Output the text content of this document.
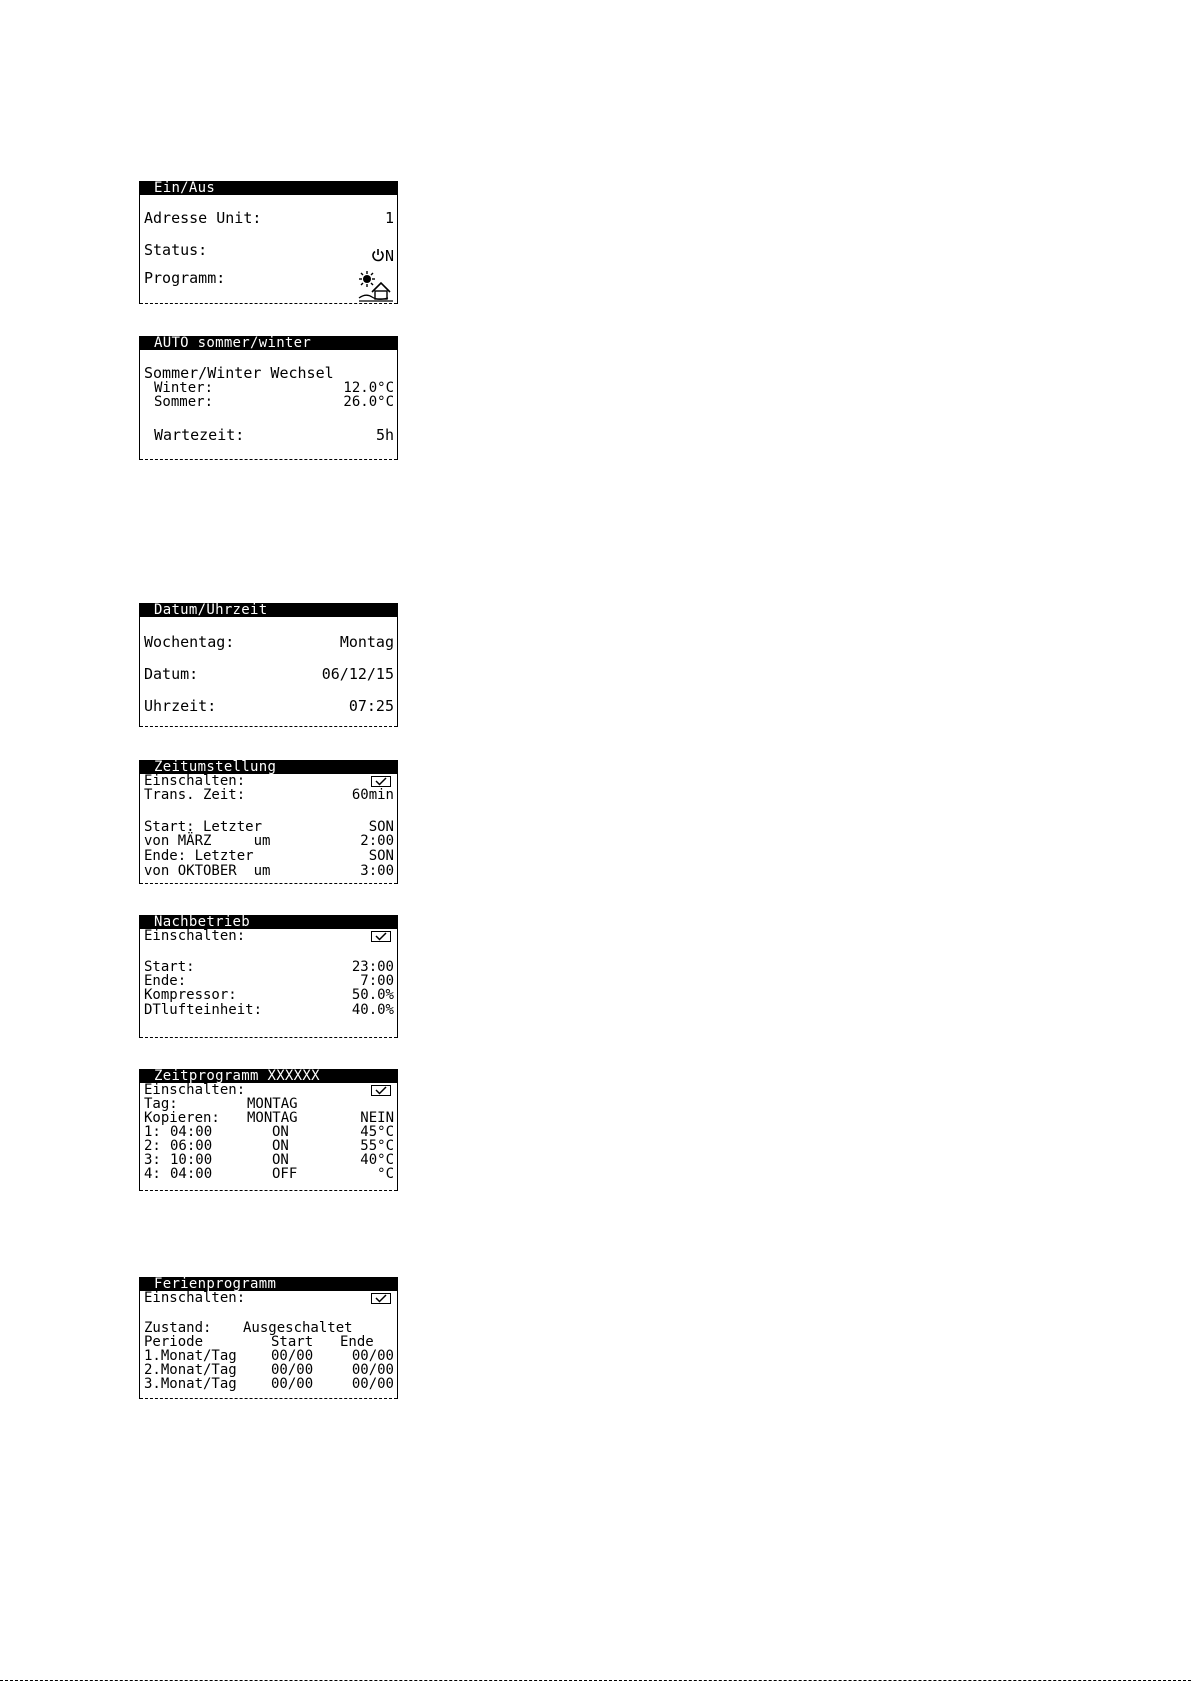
Ein/Aus
Adresse Unit:	1
Status:	N

Programm:

AUTO sommer/winter
Sommer/Winter Wechsel
Winter:	12.0°C
Sommer:	26.0°C
Wartezeit:	5h
Datum/Uhrzeit
Wochentag:	Montag
Datum:	06/12/15
Uhrzeit:	07:25
Zeitumstellung
Einschalten:

Trans. Zeit:	60min
Start: Letzter	SON
von MÄRZ     um	2:00
Ende: Letzter	SON
von OKTOBER  um	3:00
Nachbetrieb
Einschalten:

Start:	23:00
Ende:	7:00
Kompressor:	50.0%
DTlufteinheit:	40.0%
Zeitprogramm XXXXXX
Einschalten:

Tag:	MONTAG
Kopieren: MONTAG	NEIN
1: 04:00	ON	45°C
2: 06:00	ON	55°C
3: 10:00	ON	40°C
4: 04:00	OFF	°C
Ferienprogramm
Einschalten:

Zustand: Ausgeschaltet
Periode	Start Ende
1.Monat/Tag 00/00	00/00
2.Monat/Tag 00/00	00/00
3.Monat/Tag 00/00	00/00
